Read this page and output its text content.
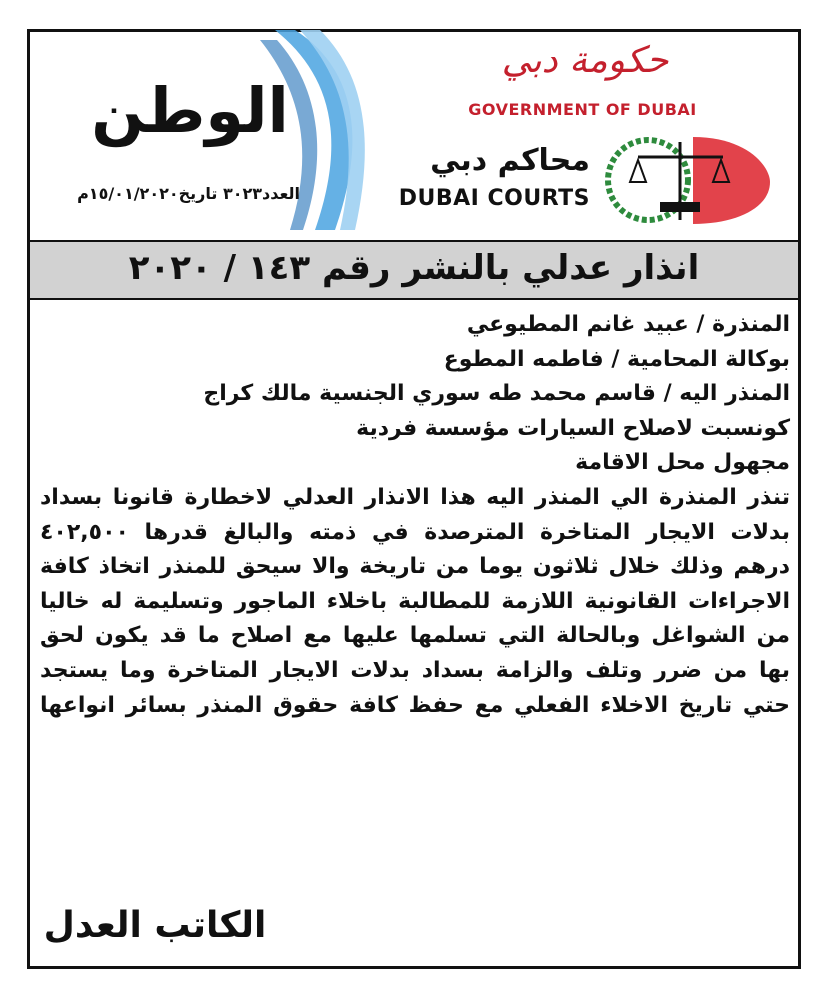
الوطن
العدد٣٠٢٣ تاريخ١٥/٠١/٢٠٢٠م
حكومة دبي
GOVERNMENT OF DUBAI
محاكم دبي
DUBAI COURTS
انذار عدلي بالنشر رقم ١٤٣ / ٢٠٢٠

المنذرة / عبيد غانم المطيوعي

بوكالة المحامية / فاطمه المطوع

المنذر اليه / قاسم محمد طه سوري الجنسية مالك كراج

كونسبت لاصلاح السيارات مؤسسة فردية

مجهول محل الاقامة

تنذر المنذرة الي المنذر اليه هذا الانذار العدلي لاخطارة قانونا بسداد بدلات الايجار المتاخرة المترصدة في ذمته والبالغ قدرها ٤٠٢,٥٠٠ درهم وذلك خلال ثلاثون يوما من تاريخة والا سيحق للمنذر اتخاذ كافة الاجراءات القانونية اللازمة للمطالبة باخلاء الماجور وتسليمة له خاليا من الشواغل وبالحالة التي تسلمها عليها مع اصلاح ما قد يكون لحق بها من ضرر وتلف والزامة بسداد بدلات الايجار المتاخرة وما يستجد حتي تاريخ الاخلاء الفعلي مع حفظ كافة حقوق المنذر بسائر انواعها

الكاتب العدل
